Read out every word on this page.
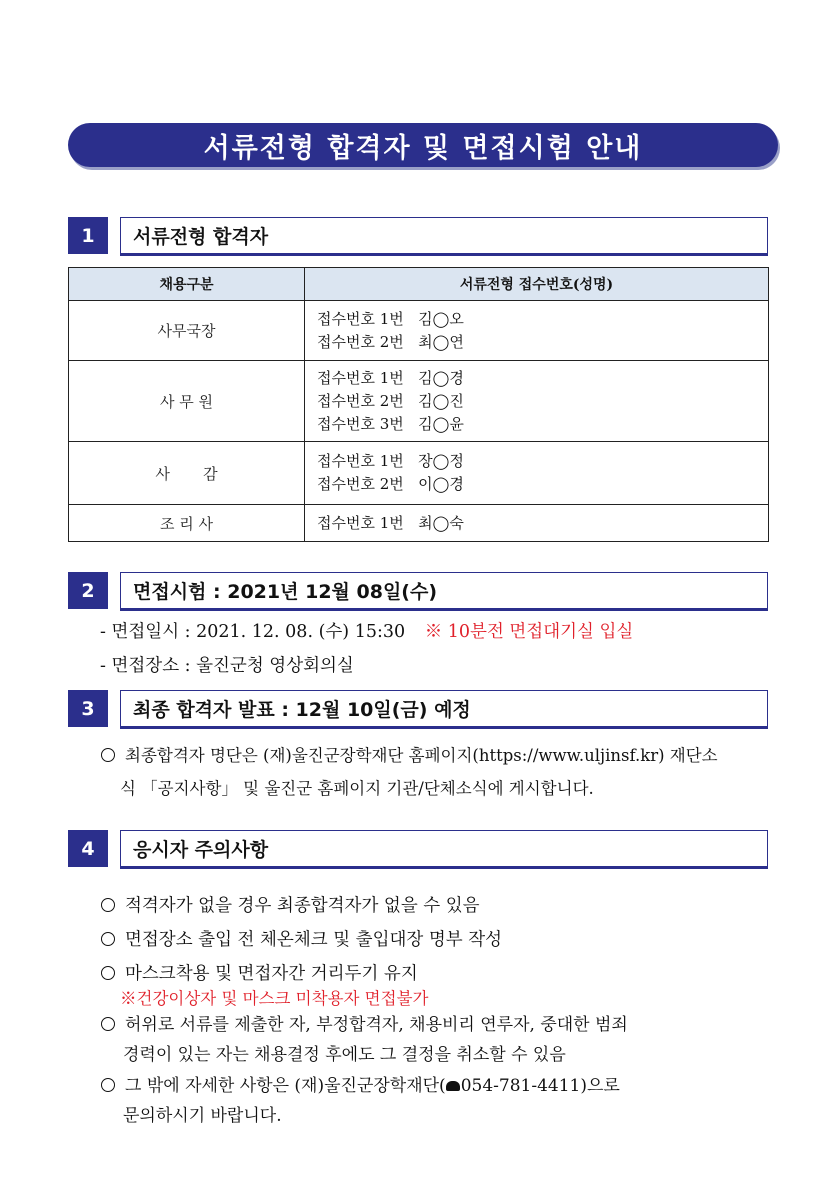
서류전형 합격자 및 면접시험 안내
1	서류전형 합격자
채용구분	서류전형 접수번호(성명)
사무국장	접수번호 1번   김◯오
접수번호 2번   최◯연

사 무 원	접수번호 1번   김◯경
접수번호 2번   김◯진
접수번호 3번   김◯윤

사       감	접수번호 1번   장◯정
접수번호 2번   이◯경

조 리 사	접수번호 1번   최◯숙
2	면접시험 : 2021년 12월 08일(수)
- 면접일시 : 2021. 12. 08. (수) 15:30 ※ 10분전 면접대기실 입실
- 면접장소 : 울진군청 영상회의실
3	최종 합격자 발표 : 12월 10일(금) 예정
최종합격자 명단은 (재)울진군장학재단 홈페이지(https://www.uljinsf.kr) 재단소
식 「공지사항」 및 울진군 홈페이지 기관/단체소식에 게시합니다.
4	응시자 주의사항
적격자가 없을 경우 최종합격자가 없을 수 있음
면접장소 출입 전 체온체크 및 출입대장 명부 작성
마스크착용 및 면접자간 거리두기 유지
※건강이상자 및 마스크 미착용자 면접불가
허위로 서류를 제출한 자, 부정합격자, 채용비리 연루자, 중대한 범죄
경력이 있는 자는 채용결정 후에도 그 결정을 취소할 수 있음
그 밖에 자세한 사항은 (재)울진군장학재단( 054-781-4411)으로
문의하시기 바랍니다.
